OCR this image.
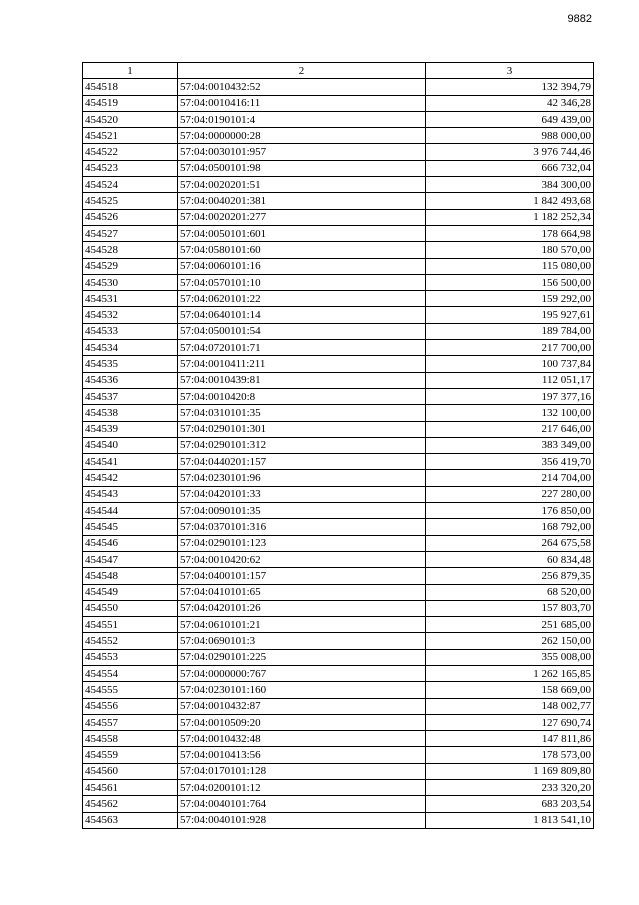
9882
1	2	3
454518	57:04:0010432:52	132 394,79
454519	57:04:0010416:11	42 346,28
454520	57:04:0190101:4	649 439,00
454521	57:04:0000000:28	988 000,00
454522	57:04:0030101:957	3 976 744,46
454523	57:04:0500101:98	666 732,04
454524	57:04:0020201:51	384 300,00
454525	57:04:0040201:381	1 842 493,68
454526	57:04:0020201:277	1 182 252,34
454527	57:04:0050101:601	178 664,98
454528	57:04:0580101:60	180 570,00
454529	57:04:0060101:16	115 080,00
454530	57:04:0570101:10	156 500,00
454531	57:04:0620101:22	159 292,00
454532	57:04:0640101:14	195 927,61
454533	57:04:0500101:54	189 784,00
454534	57:04:0720101:71	217 700,00
454535	57:04:0010411:211	100 737,84
454536	57:04:0010439:81	112 051,17
454537	57:04:0010420:8	197 377,16
454538	57:04:0310101:35	132 100,00
454539	57:04:0290101:301	217 646,00
454540	57:04:0290101:312	383 349,00
454541	57:04:0440201:157	356 419,70
454542	57:04:0230101:96	214 704,00
454543	57:04:0420101:33	227 280,00
454544	57:04:0090101:35	176 850,00
454545	57:04:0370101:316	168 792,00
454546	57:04:0290101:123	264 675,58
454547	57:04:0010420:62	60 834,48
454548	57:04:0400101:157	256 879,35
454549	57:04:0410101:65	68 520,00
454550	57:04:0420101:26	157 803,70
454551	57:04:0610101:21	251 685,00
454552	57:04:0690101:3	262 150,00
454553	57:04:0290101:225	355 008,00
454554	57:04:0000000:767	1 262 165,85
454555	57:04:0230101:160	158 669,00
454556	57:04:0010432:87	148 002,77
454557	57:04:0010509:20	127 690,74
454558	57:04:0010432:48	147 811,86
454559	57:04:0010413:56	178 573,00
454560	57:04:0170101:128	1 169 809,80
454561	57:04:0200101:12	233 320,20
454562	57:04:0040101:764	683 203,54
454563	57:04:0040101:928	1 813 541,10
